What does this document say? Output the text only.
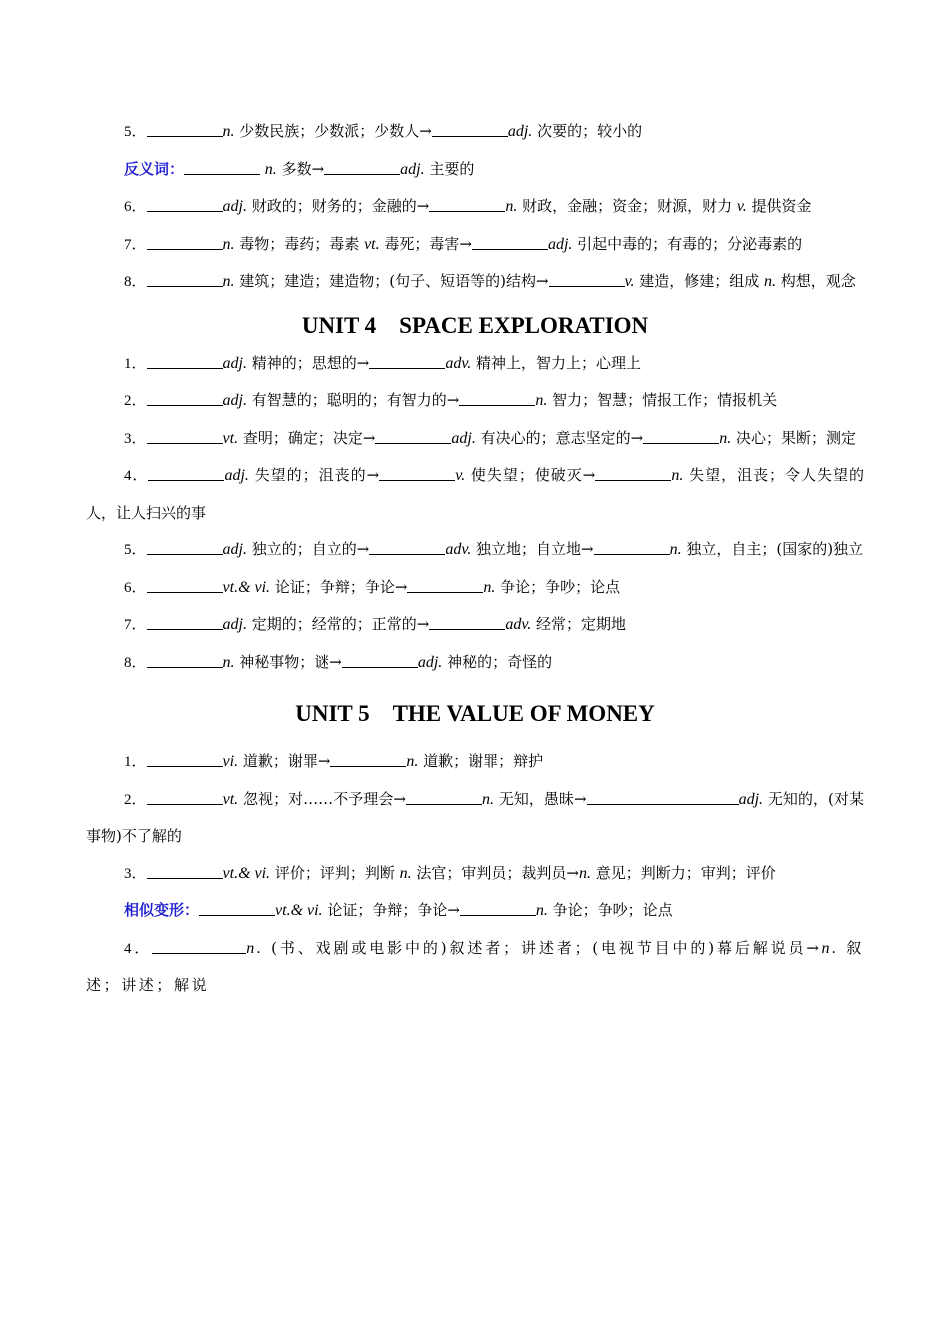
5．	n. 少数民族；少数派；少数人→	adj. 次要的；较小的
反义词：	n. 多数→	adj. 主要的
6．	adj. 财政的；财务的；金融的→	n. 财政，金融；资金；财源，财力 v. 提供资金
7．	n. 毒物；毒药；毒素 vt. 毒死；毒害→	adj. 引起中毒的；有毒的；分泌毒素的
8．	n. 建筑；建造；建造物；(句子、短语等的)结构→	v. 建造，修建；组成 n. 构想，观念
UNIT 4　SPACE EXPLORATION
1．	adj. 精神的；思想的→	adv. 精神上，智力上；心理上
2．	adj. 有智慧的；聪明的；有智力的→	n. 智力；智慧；情报工作；情报机关
3．	vt. 查明；确定；决定→	adj. 有决心的；意志坚定的→	n. 决心；果断；测定
4．	adj. 失望的；沮丧的→	v. 使失望；使破灭→	n. 失望，沮丧；令人失望的人，让人扫兴的事
5．	adj. 独立的；自立的→	adv. 独立地；自立地→	n. 独立，自主；(国家的)独立
6．	vt.& vi. 论证；争辩；争论→	n. 争论；争吵；论点
7．	adj. 定期的；经常的；正常的→	adv. 经常；定期地
8．	n. 神秘事物；谜→	adj. 神秘的；奇怪的
UNIT 5　THE VALUE OF MONEY
1．	vi. 道歉；谢罪→	n. 道歉；谢罪；辩护
2．	vt. 忽视；对……不予理会→	n. 无知，愚昧→	adj. 无知的，(对某事物)不了解的
3．	vt.& vi. 评价；评判；判断 n. 法官；审判员；裁判员→n. 意见；判断力；审判；评价
相似变形：	vt.& vi. 论证；争辩；争论→	n. 争论；争吵；论点
4．	n. (书、戏剧或电影中的)叙述者；讲述者；(电视节目中的)幕后解说员→n. 叙述；讲述；解说
